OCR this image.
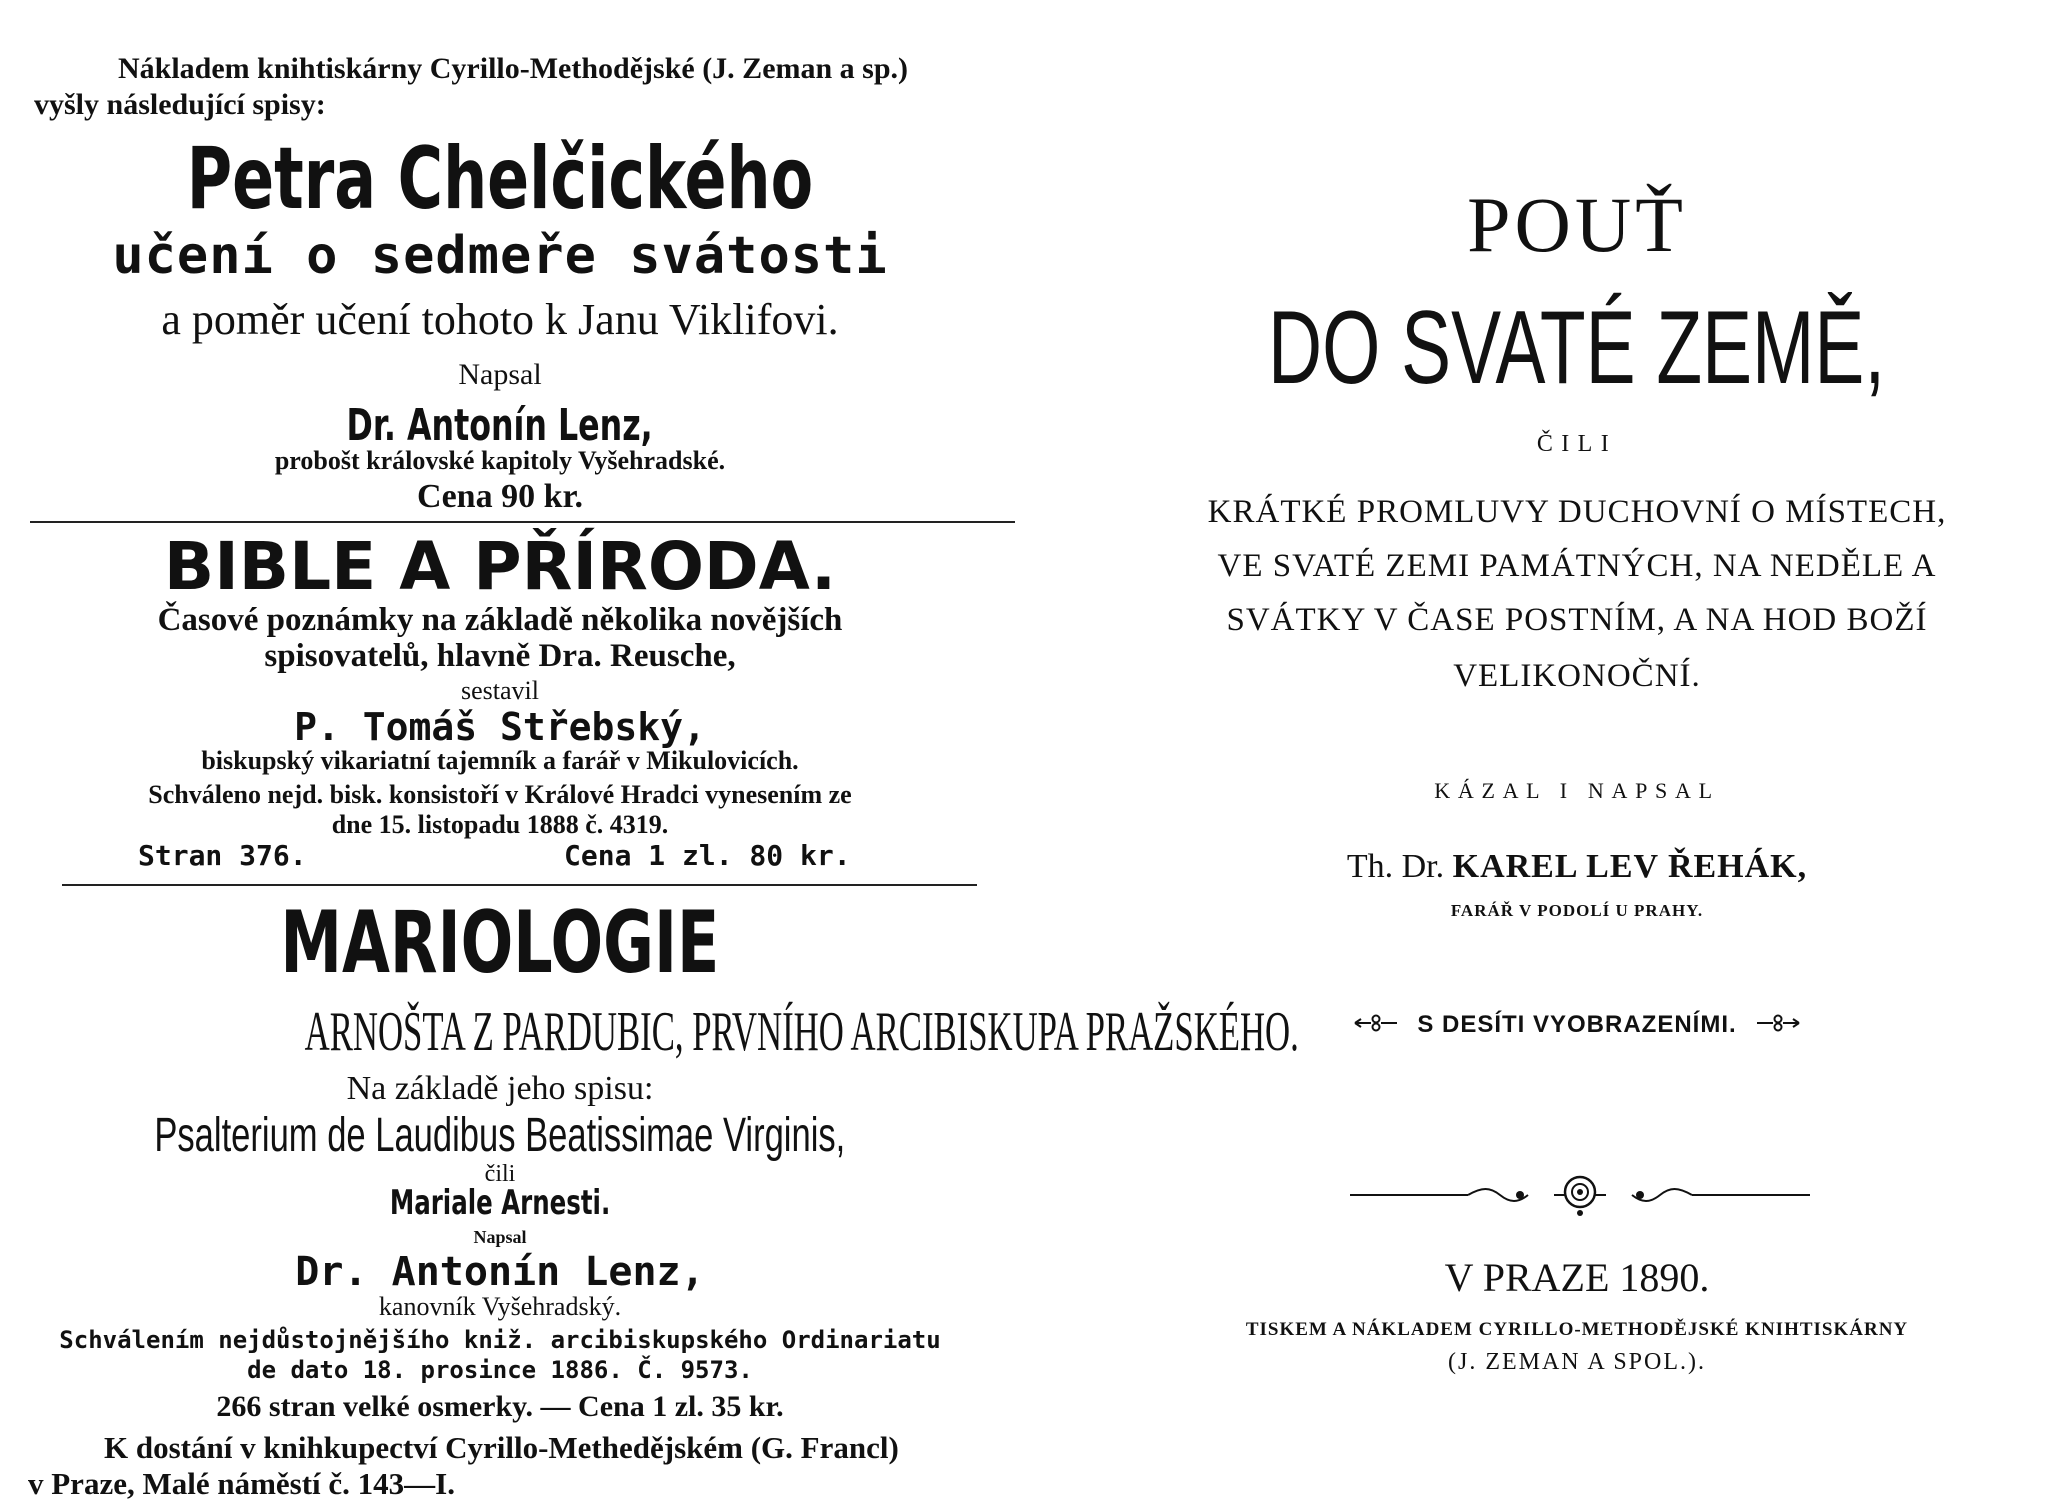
Nákladem knihtiskárny Cyrillo-Methodějské (J. Zeman a sp.)
vyšly následující spisy:
Petra Chelčického
učení o sedmeře svátosti
a poměr učení tohoto k Janu Viklifovi.
Napsal
Dr. Antonín Lenz,
probošt královské kapitoly Vyšehradské.
Cena 90 kr.
BIBLE A PŘÍRODA.
Časové poznámky na základě několika novějších
spisovatelů, hlavně Dra. Reusche,
sestavil
P. Tomáš Střebský,
biskupský vikariatní tajemník a farář v Mikulovicích.
Schváleno nejd. bisk. konsistoří v Králové Hradci vynesením ze
dne 15. listopadu 1888 č. 4319.
Stran 376.	Cena 1 zl. 80 kr.
MARIOLOGIE
ARNOŠTA Z PARDUBIC, PRVNÍHO ARCIBISKUPA PRAŽSKÉHO.
Na základě jeho spisu:
Psalterium de Laudibus Beatissimae Virginis,
čili
Mariale Arnesti.
Napsal
Dr. Antonín Lenz,
kanovník Vyšehradský.
Schválením nejdůstojnějšího kniž. arcibiskupského Ordinariatu
de dato 18. prosince 1886. Č. 9573.
266 stran velké osmerky. — Cena 1 zl. 35 kr.
K dostání v knihkupectví Cyrillo-Methedějském (G. Francl)
v Praze, Malé náměstí č. 143—I.
POUŤ
DO SVATÉ ZEMĚ,
ČILI
KRÁTKÉ PROMLUVY DUCHOVNÍ O MÍSTECH,
VE SVATÉ ZEMI PAMÁTNÝCH, NA NEDĚLE A
SVÁTKY V ČASE POSTNÍM, A NA HOD BOŽÍ
VELIKONOČNÍ.
KÁZAL I NAPSAL
Th. Dr. KAREL LEV ŘEHÁK,
FARÁŘ V PODOLÍ U PRAHY.
S DESÍTI VYOBRAZENÍMI.
V PRAZE 1890.
TISKEM A NÁKLADEM CYRILLO-METHODĚJSKÉ KNIHTISKÁRNY
(J. ZEMAN A SPOL.).
